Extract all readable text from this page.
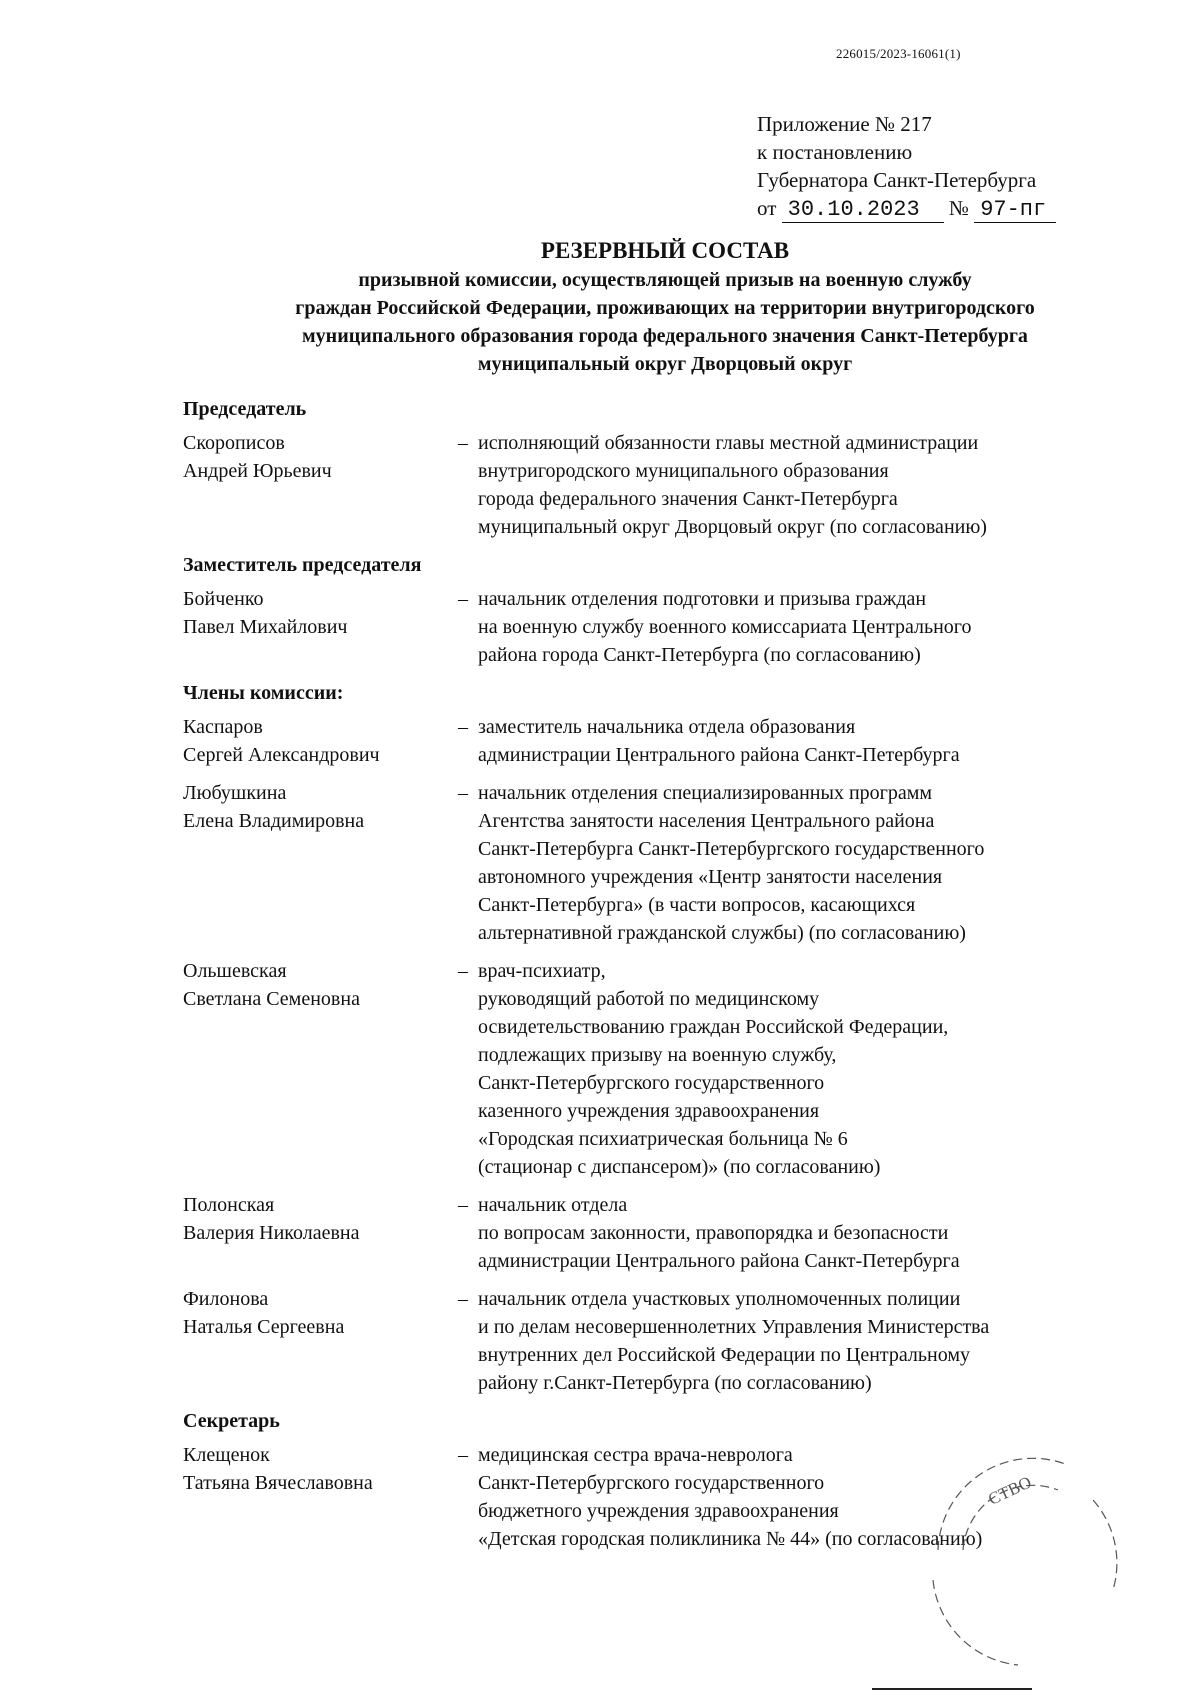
226015/2023-16061(1)
Приложение № 217
к постановлению
Губернатора Санкт-Петербурга
от 30.10.2023 № 97-пг
РЕЗЕРВНЫЙ СОСТАВ
призывной комиссии, осуществляющей призыв на военную службу
граждан Российской Федерации, проживающих на территории внутригородского
муниципального образования города федерального значения Санкт-Петербурга
муниципальный округ Дворцовый округ
Председатель
Скорописов
Андрей Юрьевич
– исполняющий обязанности главы местной администрации
внутригородского муниципального образования
города федерального значения Санкт-Петербурга
муниципальный округ Дворцовый округ (по согласованию)
Заместитель председателя
Бойченко
Павел Михайлович
– начальник отделения подготовки и призыва граждан
на военную службу военного комиссариата Центрального
района города Санкт-Петербурга (по согласованию)
Члены комиссии:
Каспаров
Сергей Александрович
– заместитель начальника отдела образования
администрации Центрального района Санкт-Петербурга
Любушкина
Елена Владимировна
– начальник отделения специализированных программ
Агентства занятости населения Центрального района
Санкт-Петербурга Санкт-Петербургского государственного
автономного учреждения «Центр занятости населения
Санкт-Петербурга» (в части вопросов, касающихся
альтернативной гражданской службы) (по согласованию)
Ольшевская
Светлана Семеновна
– врач-психиатр,
руководящий работой по медицинскому
освидетельствованию граждан Российской Федерации,
подлежащих призыву на военную службу,
Санкт-Петербургского государственного
казенного учреждения здравоохранения
«Городская психиатрическая больница № 6
(стационар с диспансером)» (по согласованию)
Полонская
Валерия Николаевна
– начальник отдела
по вопросам законности, правопорядка и безопасности
администрации Центрального района Санкт-Петербурга
Филонова
Наталья Сергеевна
– начальник отдела участковых уполномоченных полиции
и по делам несовершеннолетних Управления Министерства
внутренних дел Российской Федерации по Центральному
району г.Санкт-Петербурга (по согласованию)
Секретарь
Клещенок
Татьяна Вячеславовна
– медицинская сестра врача-невролога
Санкт-Петербургского государственного
бюджетного учреждения здравоохранения
«Детская городская поликлиника № 44» (по согласованию)
СТВО
